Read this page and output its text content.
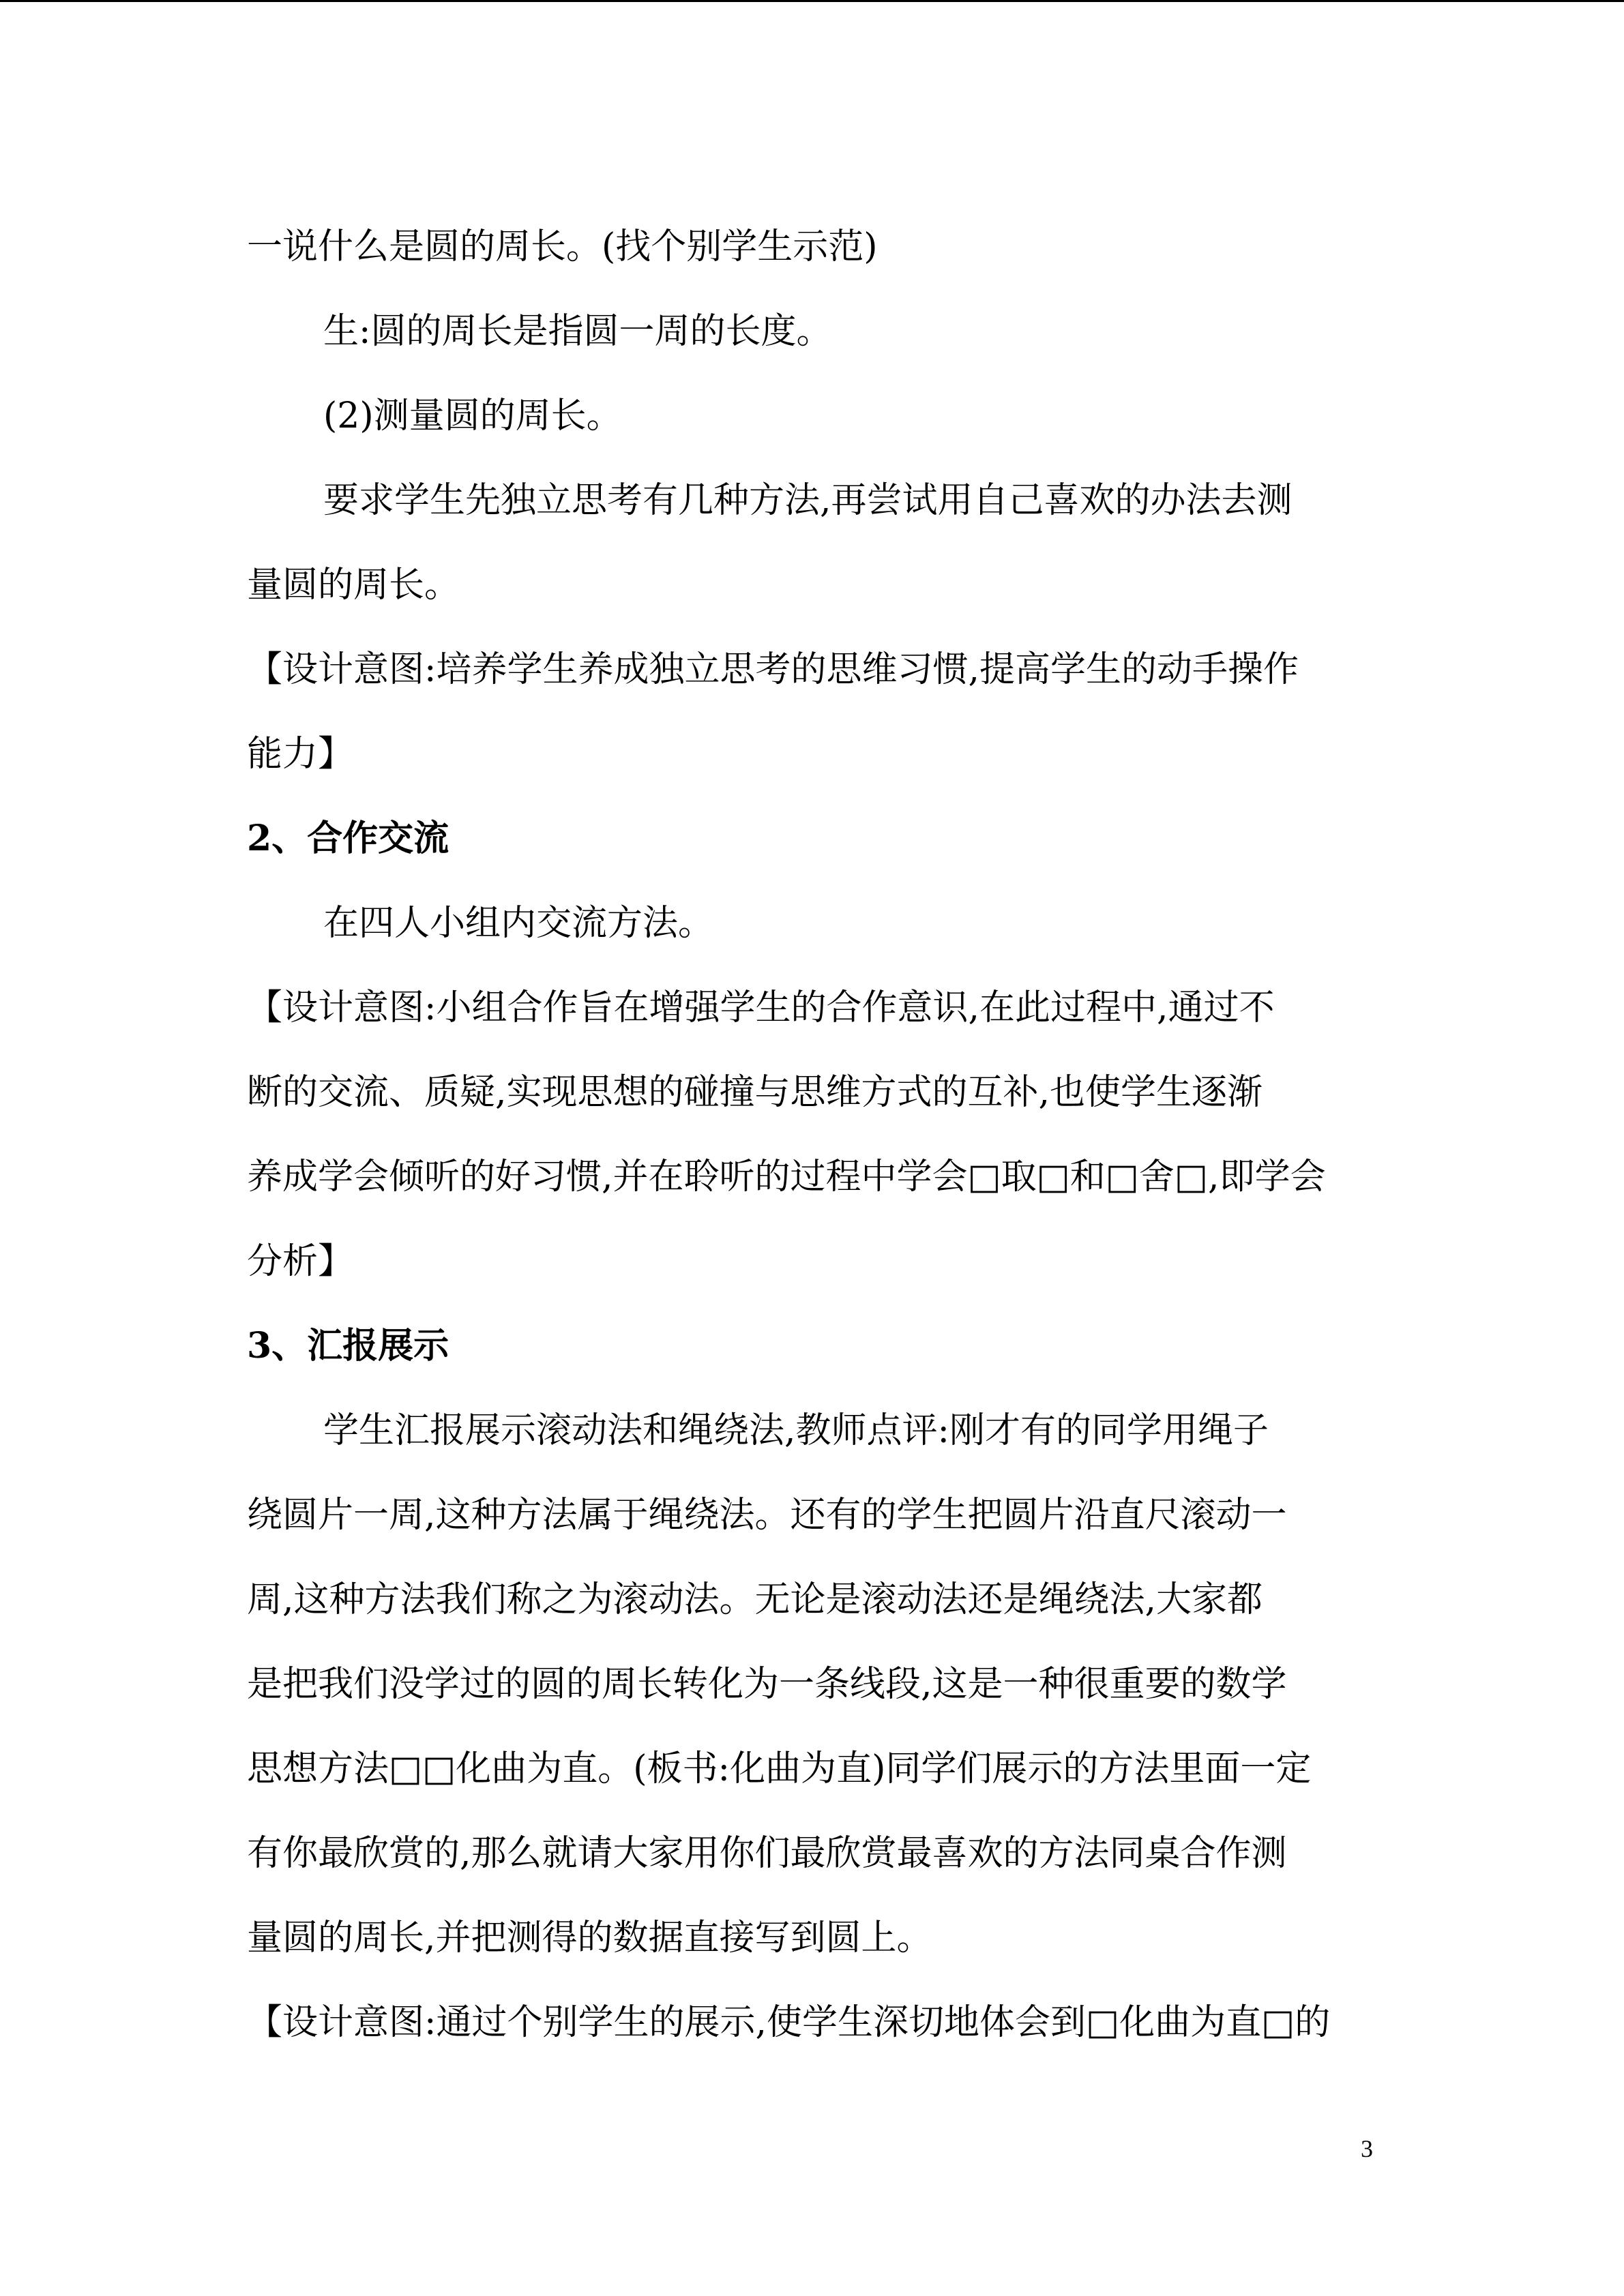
一说什么是圆的周长。(找个别学生示范)
生:圆的周长是指圆一周的长度。
(2)测量圆的周长。
要求学生先独立思考有几种方法,再尝试用自己喜欢的办法去测
量圆的周长。
【设计意图:培养学生养成独立思考的思维习惯,提高学生的动手操作
能力】
2、合作交流
在四人小组内交流方法。
【设计意图:小组合作旨在增强学生的合作意识,在此过程中,通过不
断的交流、质疑,实现思想的碰撞与思维方式的互补,也使学生逐渐
养成学会倾听的好习惯,并在聆听的过程中学会□取□和□舍□,即学会
分析】
3、汇报展示
学生汇报展示滚动法和绳绕法,教师点评:刚才有的同学用绳子
绕圆片一周,这种方法属于绳绕法。还有的学生把圆片沿直尺滚动一
周,这种方法我们称之为滚动法。无论是滚动法还是绳绕法,大家都
是把我们没学过的圆的周长转化为一条线段,这是一种很重要的数学
思想方法□□化曲为直。(板书:化曲为直)同学们展示的方法里面一定
有你最欣赏的,那么就请大家用你们最欣赏最喜欢的方法同桌合作测
量圆的周长,并把测得的数据直接写到圆上。
【设计意图:通过个别学生的展示,使学生深切地体会到□化曲为直□的
3
